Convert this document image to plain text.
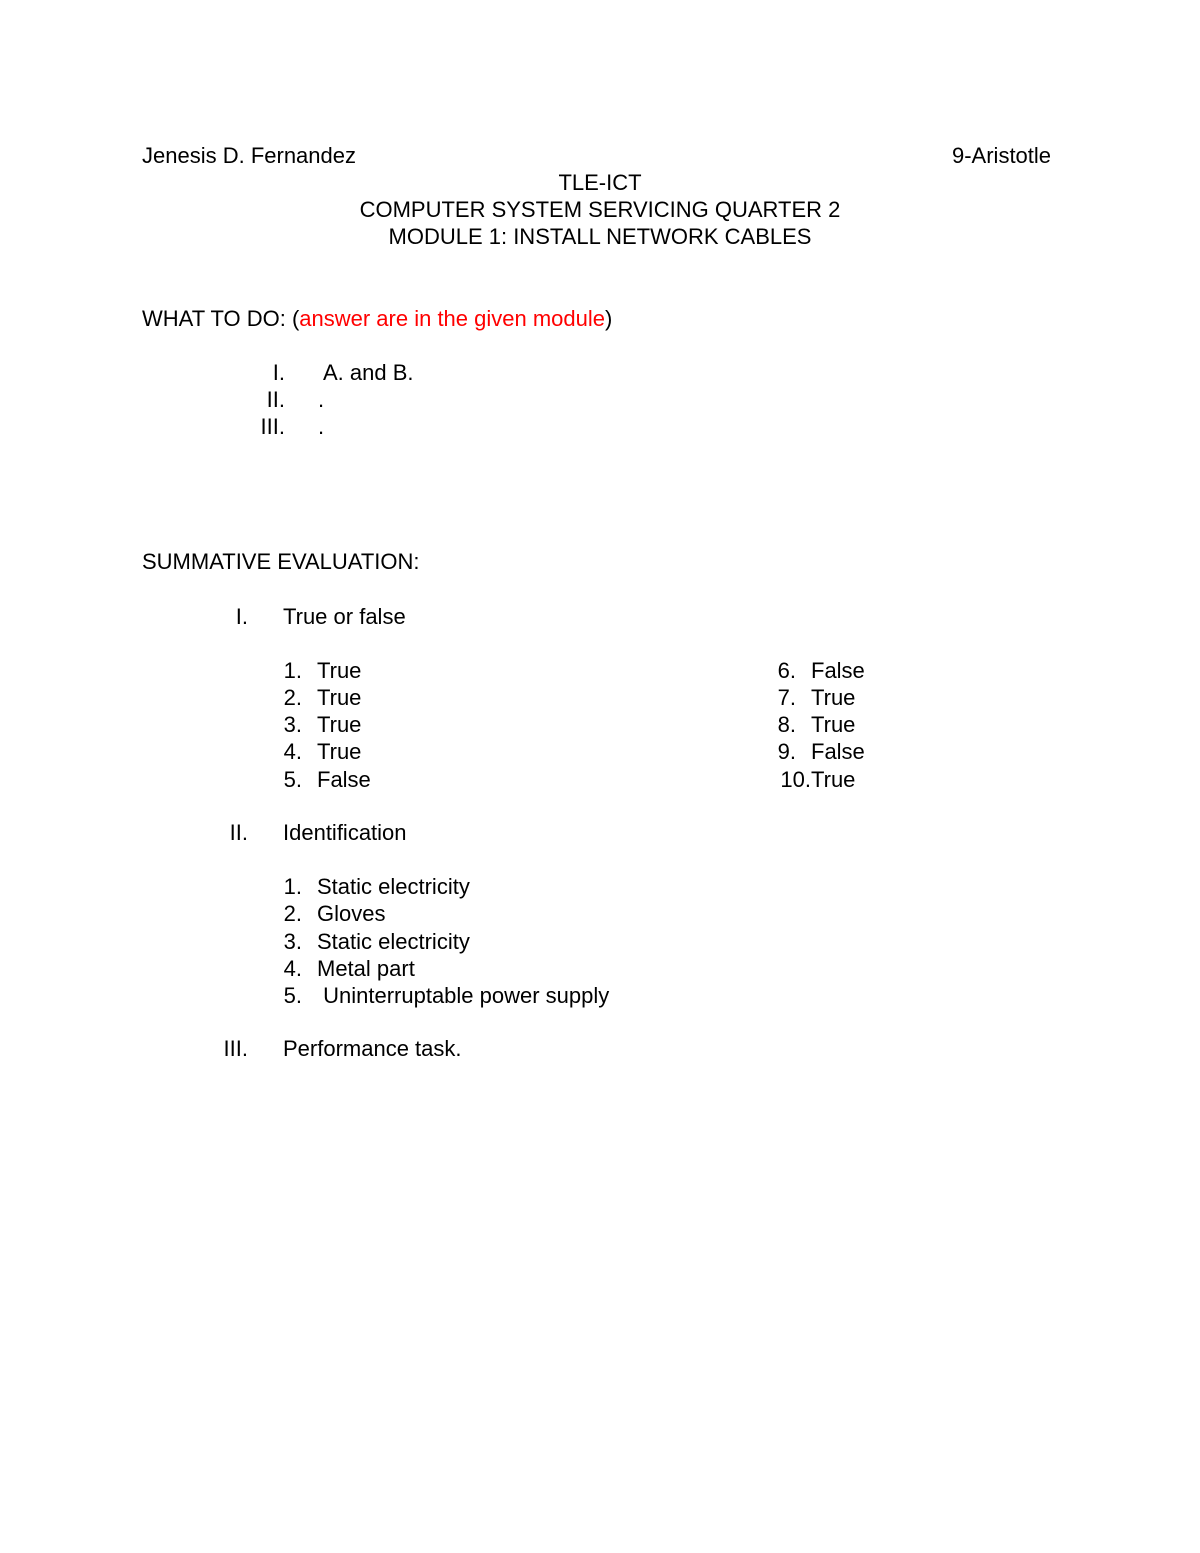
Jenesis D. Fernandez	9-Aristotle
TLE-ICT
COMPUTER SYSTEM SERVICING QUARTER 2
MODULE 1: INSTALL NETWORK CABLES
WHAT TO DO: (answer are in the given module)
I. A. and B.
II. .
III. .
SUMMATIVE EVALUATION:
I. True or false
1. True
2. True
3. True
4. True
5. False
6. False
7. True
8. True
9. False
10. True
II. Identification
1. Static electricity
2. Gloves
3. Static electricity
4. Metal part
5. Uninterruptable power supply
III. Performance task.
